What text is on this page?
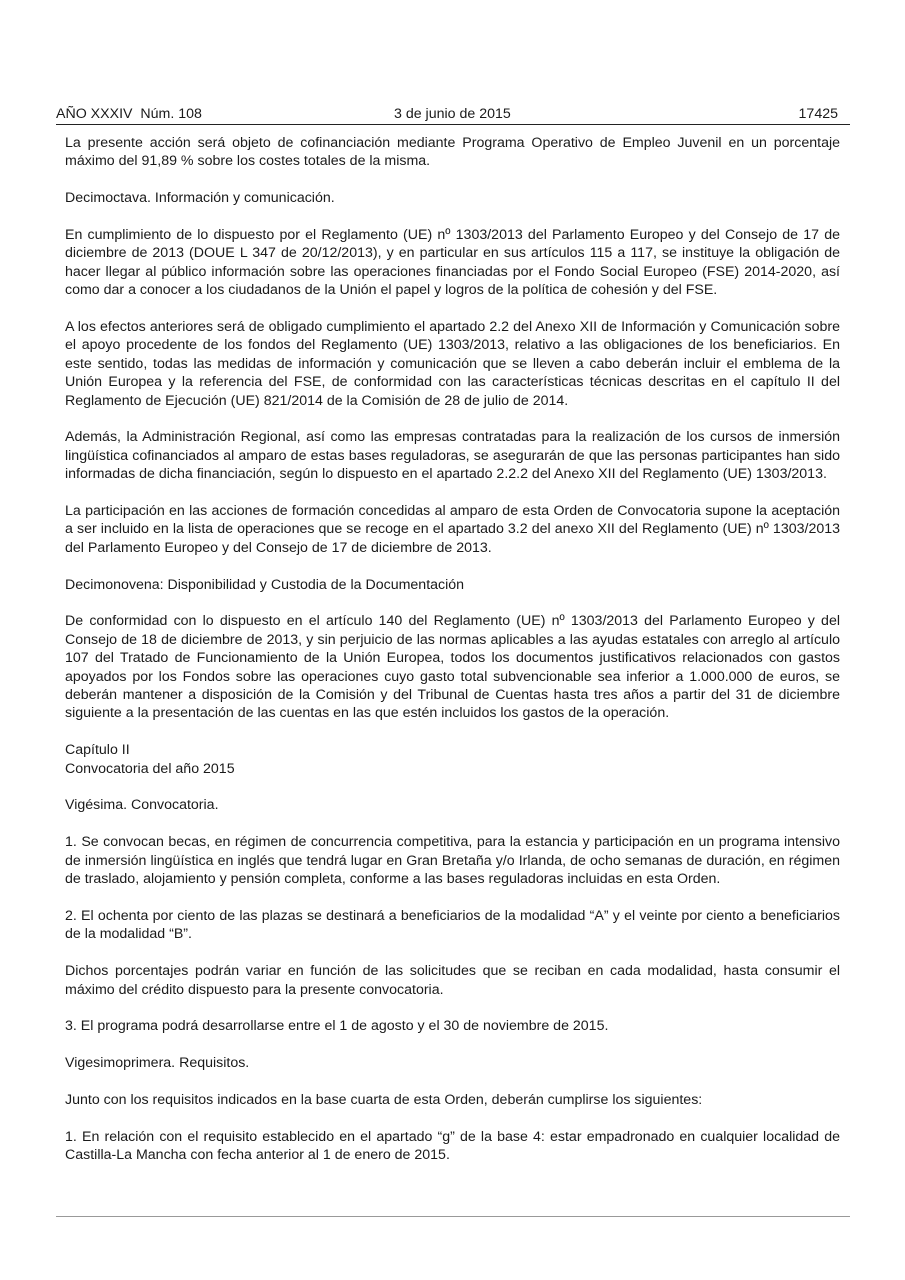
AÑO XXXIV  Núm. 108	3 de junio de 2015	17425

La presente acción será objeto de cofinanciación mediante Programa Operativo de Empleo Juvenil en un porcentaje máximo del 91,89 % sobre los costes totales de la misma.

Decimoctava. Información y comunicación.

En cumplimiento de lo dispuesto por el Reglamento (UE) nº 1303/2013 del Parlamento Europeo y del Consejo de 17 de diciembre de 2013 (DOUE L 347 de 20/12/2013), y en particular en sus artículos 115 a 117, se instituye la obligación de hacer llegar al público información sobre las operaciones financiadas por el Fondo Social Europeo (FSE) 2014-2020, así como dar a conocer a los ciudadanos de la Unión el papel y logros de la política de cohesión y del FSE.

A los efectos anteriores será de obligado cumplimiento el apartado 2.2 del Anexo XII de Información y Comunicación sobre el apoyo procedente de los fondos del Reglamento (UE) 1303/2013, relativo a las obligaciones de los beneficiarios. En este sentido, todas las medidas de información y comunicación que se lleven a cabo deberán incluir el emblema de la Unión Europea y la referencia del FSE, de conformidad con las características técnicas descritas en el capítulo II del Reglamento de Ejecución (UE) 821/2014 de la Comisión de 28 de julio de 2014.

Además, la Administración Regional, así como las empresas contratadas para la realización de los cursos de inmersión lingüística cofinanciados al amparo de estas bases reguladoras, se asegurarán de que las personas participantes han sido informadas de dicha financiación, según lo dispuesto en el apartado 2.2.2 del Anexo XII del Reglamento (UE) 1303/2013.

La participación en las acciones de formación concedidas al amparo de esta Orden de Convocatoria supone la aceptación a ser incluido en la lista de operaciones que se recoge en el apartado 3.2 del anexo XII del Reglamento (UE) nº 1303/2013 del Parlamento Europeo y del Consejo de 17 de diciembre de 2013.

Decimonovena: Disponibilidad y Custodia de la Documentación

De conformidad con lo dispuesto en el artículo 140 del Reglamento (UE) nº 1303/2013 del Parlamento Europeo y del Consejo de 18 de diciembre de 2013, y sin perjuicio de las normas aplicables a las ayudas estatales con arreglo al artículo 107 del Tratado de Funcionamiento de la Unión Europea, todos los documentos justificativos relacionados con gastos apoyados por los Fondos sobre las operaciones cuyo gasto total subvencionable sea inferior a 1.000.000 de euros, se deberán mantener a disposición de la Comisión y del Tribunal de Cuentas hasta tres años a partir del 31 de diciembre siguiente a la presentación de las cuentas en las que estén incluidos los gastos de la operación.

Capítulo II

Convocatoria del año 2015

Vigésima. Convocatoria.

1. Se convocan becas, en régimen de concurrencia competitiva, para la estancia y participación en un programa intensivo de inmersión lingüística en inglés que tendrá lugar en Gran Bretaña y/o Irlanda, de ocho semanas de duración, en régimen de traslado, alojamiento y pensión completa, conforme a las bases reguladoras incluidas en esta Orden.

2. El ochenta por ciento de las plazas se destinará a beneficiarios de la modalidad “A” y el veinte por ciento a beneficiarios de la modalidad “B”.

Dichos porcentajes podrán variar en función de las solicitudes que se reciban en cada modalidad, hasta consumir el máximo del crédito dispuesto para la presente convocatoria.

3. El programa podrá desarrollarse entre el 1 de agosto y el 30 de noviembre de 2015.

Vigesimoprimera. Requisitos.

Junto con los requisitos indicados en la base cuarta de esta Orden, deberán cumplirse los siguientes:

1. En relación con el requisito establecido en el apartado “g” de la base 4: estar empadronado en cualquier localidad de Castilla-La Mancha con fecha anterior al 1 de enero de 2015.
